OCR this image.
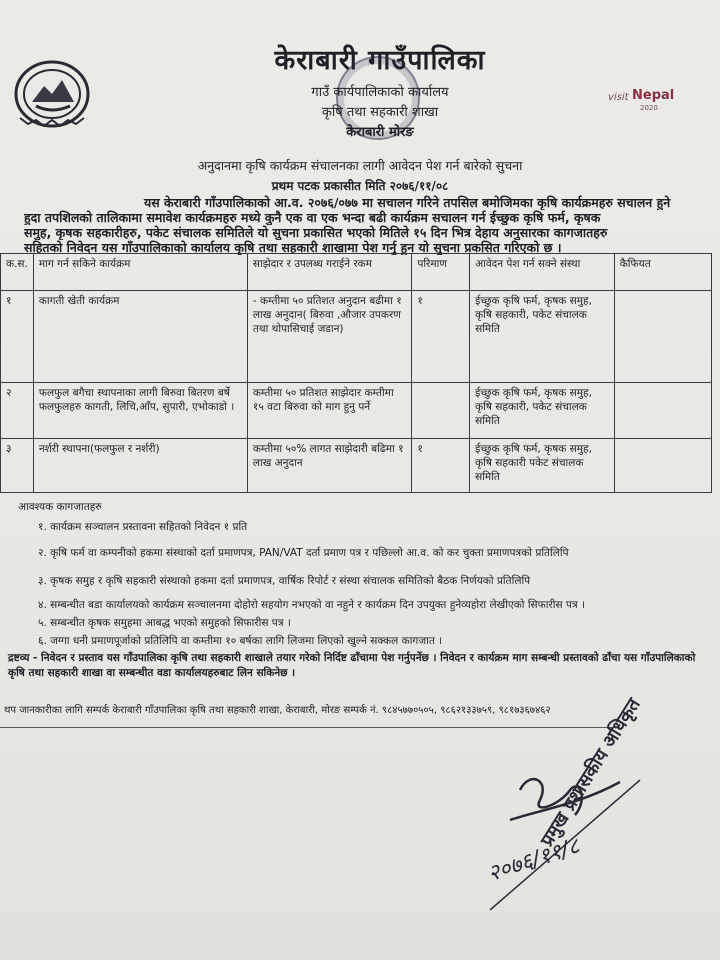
visit Nepal
2020
केराबारी गाउँपालिका
गाउँ कार्यपालिकाको कार्यालय
कृषि तथा सहकारी शाखा
केराबारी मोरङ
अनुदानमा कृषि कार्यक्रम संचालनका लागी आवेदन पेश गर्न बारेको सुचना
प्रथम पटक प्रकासीत मिति २०७६/११/०८
यस केराबारी गाँउपालिकाको आ.व. २०७६/०७७ मा सचालन गरिने तपसिल बमोजिमका कृषि कार्यक्रमहरु सचालन हुने
हुदा तपशिलको तालिकामा समावेश कार्यक्रमहरु मध्ये कुनै एक वा एक भन्दा बढी कार्यक्रम सचालन गर्न ईच्छुक कृषि फर्म, कृषक
समुह, कृषक सहकारीहरु, पकेट संचालक समितिले यो सुचना प्रकासित भएको मितिले १५ दिन भित्र देहाय अनुसारका कागजातहरु
सहितको निवेदन यस गाँउपालिकाको कार्यालय कृषि तथा सहकारी शाखामा पेश गर्नु हुन यो सुचना प्रकसित गरिएको छ ।
क.स.	माग गर्न सकिने कार्यक्रम	साझेदार र उपलब्ध गराईने रकम	परिमाण	आवेदन पेश गर्न सक्ने संस्था	कैफियत
१	कागती खेती कार्यक्रम	- कम्तीमा ५० प्रतिशत अनुदान बढीमा १ लाख अनुदान( बिरुवा ,औजार उपकरण तथा थोपासिचाई जडान)	१	ईच्छुक कृषि फर्म, कृषक समुह, कृषि सहकारी, पकेट संचालक समिति	
२	फलफुल बगैचा स्थापनाका लागी बिरुवा बितरण बर्षे फलफुलहरु कागती, लिचि,आँप, सुपारी, एभोकाडो ।	कम्तीमा ५० प्रतिशत साझेदार कम्तीमा १५ वटा बिरुवा को माग हुनु पर्ने		ईच्छुक कृषि फर्म, कृषक समुह, कृषि सहकारी, पकेट संचालक समिति	
३	नर्शरी स्थापना(फलफुल र नर्शरी)	कम्तीमा ५०% लागत साझेदारी बढिमा १ लाख अनुदान	१	ईच्छुक कृषि फर्म, कृषक समुह, कृषि सहकारी पकेट संचालक समिति	
आवश्यक कागजातहरु
१. कार्यक्रम सञ्चालन प्रस्तावना सहितको निवेदन १ प्रति
२. कृषि फर्म वा कम्पनीको हकमा संस्थाको दर्ता प्रमाणपत्र, PAN/VAT दर्ता प्रमाण पत्र र पछिल्लो आ.व. को कर चुक्ता प्रमाणपत्रको प्रतिलिपि
३. कृषक समुह र कृषि सहकारी संस्थाको हकमा दर्ता प्रमाणपत्र, वार्षिक रिपोर्ट र संस्था संचालक समितिको बैठक निर्णयको प्रतिलिपि
४. सम्बन्धीत बडा कार्यालयको कार्यक्रम सञ्चालनमा दोहोरो सहयोग नभएको वा नहुने र कार्यक्रम दिन उपयुक्त हुनेव्यहोरा लेखीएको सिफारीस पत्र ।
५. सम्बन्धीत कृषक समुहमा आबद्ध भएको समुहको सिफारीस पत्र ।
६. जग्गा धनी प्रमाणपूर्जाको प्रतिलिपि वा कम्तीमा १० बर्षका लागि लिजमा लिएको खुल्ने सक्कल कागजात ।
द्रष्टव्य - निवेदन र प्रस्ताव यस गाँउपालिका कृषि तथा सहकारी शाखाले तयार गरेको निर्दिष्ट ढाँचामा पेश गर्नुपर्नेछ । निवेदन र कार्यक्रम माग सम्बन्धी प्रस्तावको ढाँचा यस गाँउपालिकाको कृषि तथा सहकारी शाखा वा सम्बन्धीत वडा कार्यालयहरुबाट लिन सकिनेछ ।
थप जानकारीका लागि सम्पर्क केराबारी गाँउपालिका कृषि तथा सहकारी शाखा, केराबारी, मोरङ सम्पर्क नं. ९८४५७७०५०५, ९८६२१३३७५९, ९८१७३६७४६२
२०७६/११/८
प्रमुख प्रशासकीय अधिकृत
